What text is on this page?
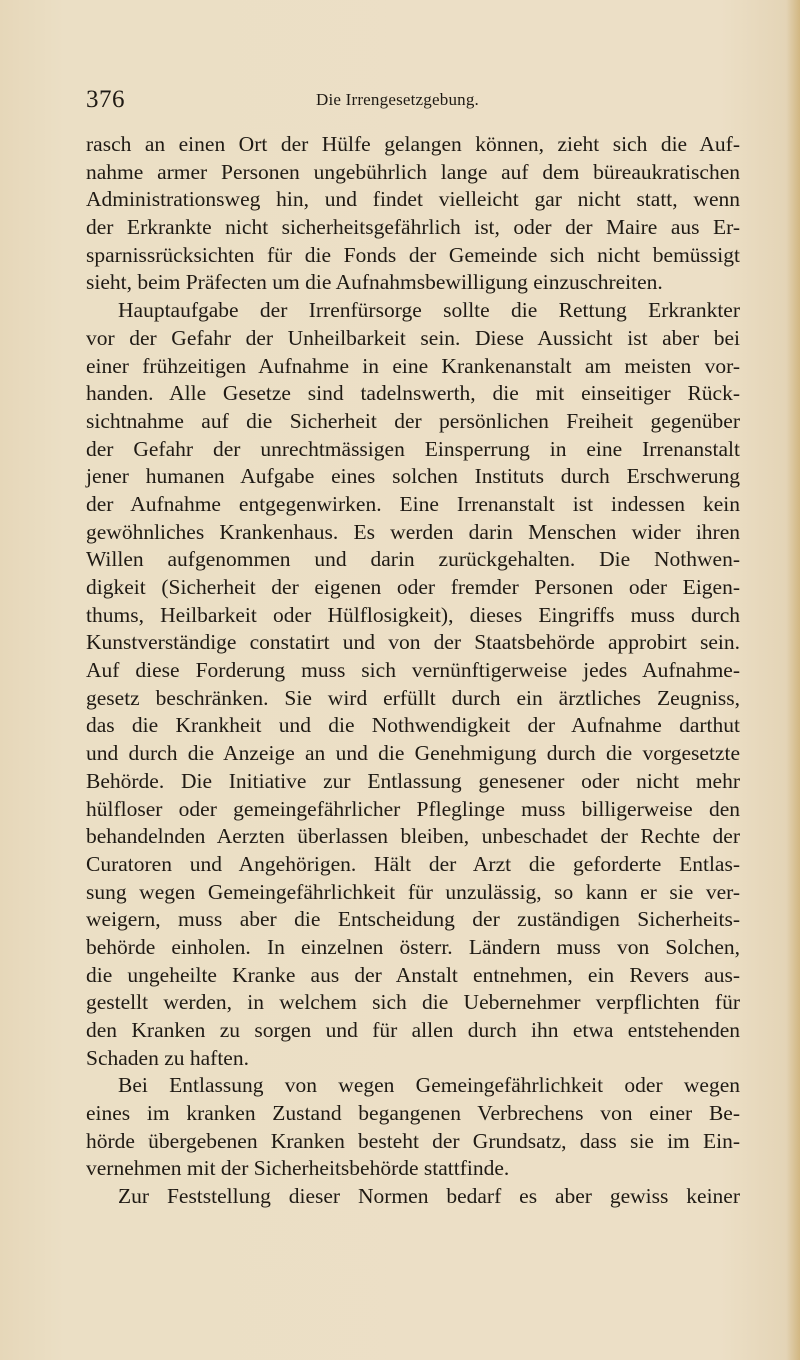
376	Die Irrengesetzgebung.
rasch an einen Ort der Hülfe gelangen können, zieht sich die Auf-
nahme armer Personen ungebührlich lange auf dem büreaukratischen
Administrationsweg hin, und findet vielleicht gar nicht statt, wenn
der Erkrankte nicht sicherheitsgefährlich ist, oder der Maire aus Er-
sparnissrücksichten für die Fonds der Gemeinde sich nicht bemüssigt
sieht, beim Präfecten um die Aufnahmsbewilligung einzuschreiten.
Hauptaufgabe der Irrenfürsorge sollte die Rettung Erkrankter
vor der Gefahr der Unheilbarkeit sein. Diese Aussicht ist aber bei
einer frühzeitigen Aufnahme in eine Krankenanstalt am meisten vor-
handen. Alle Gesetze sind tadelnswerth, die mit einseitiger Rück-
sichtnahme auf die Sicherheit der persönlichen Freiheit gegenüber
der Gefahr der unrechtmässigen Einsperrung in eine Irrenanstalt
jener humanen Aufgabe eines solchen Instituts durch Erschwerung
der Aufnahme entgegenwirken. Eine Irrenanstalt ist indessen kein
gewöhnliches Krankenhaus. Es werden darin Menschen wider ihren
Willen aufgenommen und darin zurückgehalten. Die Nothwen-
digkeit (Sicherheit der eigenen oder fremder Personen oder Eigen-
thums, Heilbarkeit oder Hülflosigkeit), dieses Eingriffs muss durch
Kunstverständige constatirt und von der Staatsbehörde approbirt sein.
Auf diese Forderung muss sich vernünftigerweise jedes Aufnahme-
gesetz beschränken. Sie wird erfüllt durch ein ärztliches Zeugniss,
das die Krankheit und die Nothwendigkeit der Aufnahme darthut
und durch die Anzeige an und die Genehmigung durch die vorgesetzte
Behörde. Die Initiative zur Entlassung genesener oder nicht mehr
hülfloser oder gemeingefährlicher Pfleglinge muss billigerweise den
behandelnden Aerzten überlassen bleiben, unbeschadet der Rechte der
Curatoren und Angehörigen. Hält der Arzt die geforderte Entlas-
sung wegen Gemeingefährlichkeit für unzulässig, so kann er sie ver-
weigern, muss aber die Entscheidung der zuständigen Sicherheits-
behörde einholen. In einzelnen österr. Ländern muss von Solchen,
die ungeheilte Kranke aus der Anstalt entnehmen, ein Revers aus-
gestellt werden, in welchem sich die Uebernehmer verpflichten für
den Kranken zu sorgen und für allen durch ihn etwa entstehenden
Schaden zu haften.
Bei Entlassung von wegen Gemeingefährlichkeit oder wegen
eines im kranken Zustand begangenen Verbrechens von einer Be-
hörde übergebenen Kranken besteht der Grundsatz, dass sie im Ein-
vernehmen mit der Sicherheitsbehörde stattfinde.
Zur Feststellung dieser Normen bedarf es aber gewiss keiner
